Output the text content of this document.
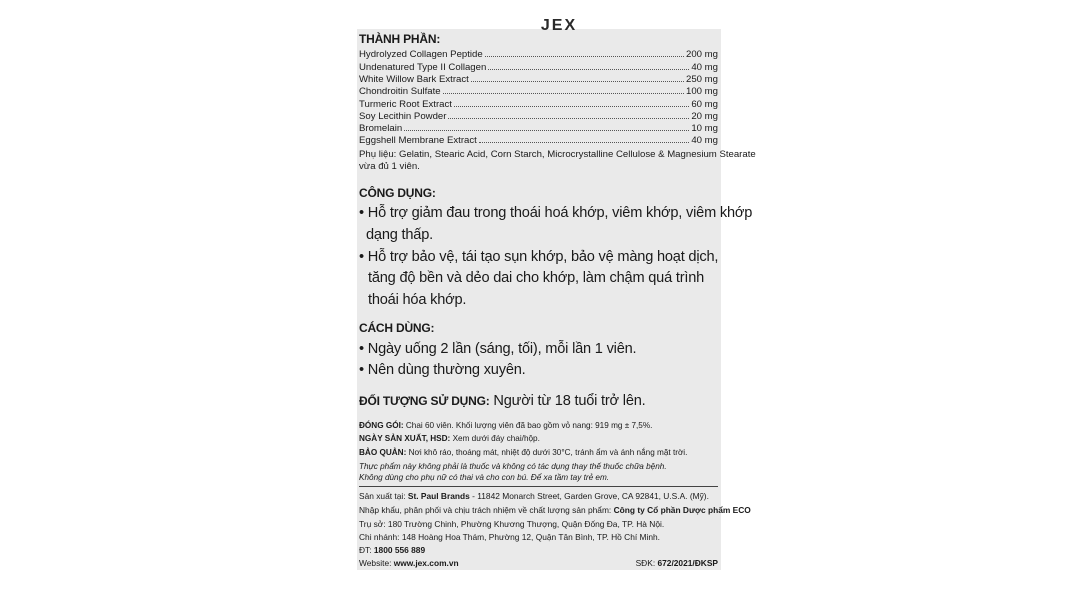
JEX
THÀNH PHẦN:
Hydrolyzed Collagen Peptide	200 mg
Undenatured Type II Collagen	40 mg
White Willow Bark Extract	250 mg
Chondroitin Sulfate	100 mg
Turmeric Root Extract	60 mg
Soy Lecithin Powder	20 mg
Bromelain	10 mg
Eggshell Membrane Extract	40 mg
Phụ liệu: Gelatin, Stearic Acid, Corn Starch, Microcrystalline Cellulose & Magnesium Stearate
vừa đủ 1 viên.
CÔNG DỤNG:
• Hỗ trợ giảm đau trong thoái hoá khớp, viêm khớp, viêm khớp
dạng thấp.
• Hỗ trợ bảo vệ, tái tạo sụn khớp, bảo vệ màng hoạt dịch,
tăng độ bền và dẻo dai cho khớp, làm chậm quá trình
thoái hóa khớp.
CÁCH DÙNG:
• Ngày uống 2 lần (sáng, tối), mỗi lần 1 viên.
• Nên dùng thường xuyên.
ĐỐI TƯỢNG SỬ DỤNG: Người từ 18 tuổi trở lên.
ĐÓNG GÓI: Chai 60 viên. Khối lượng viên đã bao gồm vỏ nang: 919 mg ± 7,5%.
NGÀY SẢN XUẤT, HSD: Xem dưới đáy chai/hộp.
BẢO QUẢN: Nơi khô ráo, thoáng mát, nhiệt độ dưới 30°C, tránh ẩm và ánh nắng mặt trời.
Thực phẩm này không phải là thuốc và không có tác dụng thay thế thuốc chữa bệnh.
Không dùng cho phụ nữ có thai và cho con bú. Để xa tầm tay trẻ em.
Sản xuất tại: St. Paul Brands - 11842 Monarch Street, Garden Grove, CA 92841, U.S.A. (Mỹ).
Nhập khẩu, phân phối và chịu trách nhiệm về chất lượng sản phẩm: Công ty Cổ phần Dược phẩm ECO
Trụ sở: 180 Trường Chinh, Phường Khương Thượng, Quận Đống Đa, TP. Hà Nội.
Chi nhánh: 148 Hoàng Hoa Thám, Phường 12, Quận Tân Bình, TP. Hồ Chí Minh.
ĐT: 1800 556 889
Website: www.jex.com.vn	SĐK: 672/2021/ĐKSP
